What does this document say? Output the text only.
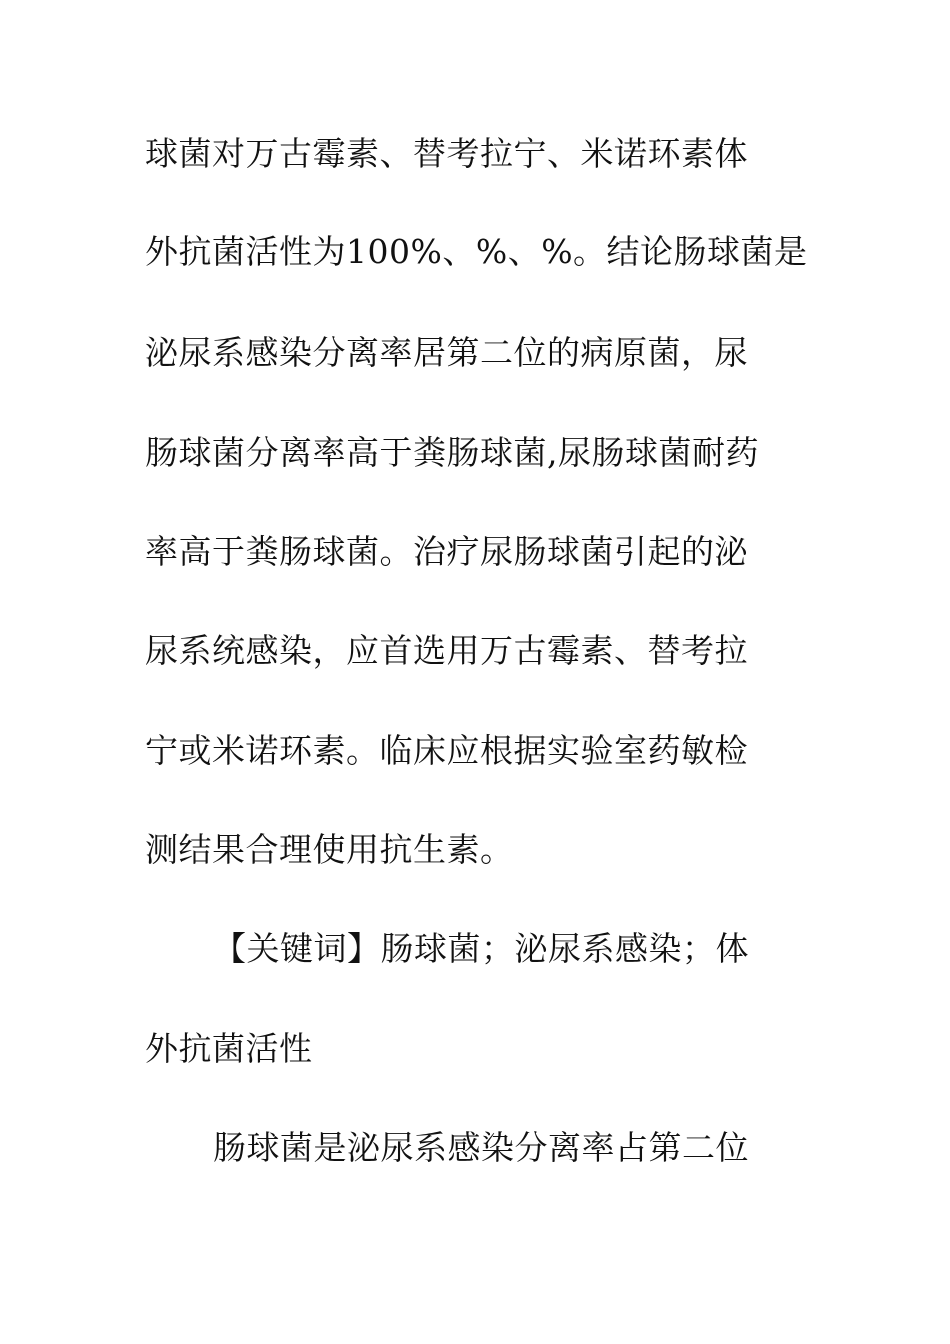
球菌对万古霉素、替考拉宁、米诺环素体
外抗菌活性为100%、%、%。结论肠球菌是
泌尿系感染分离率居第二位的病原菌，尿
肠球菌分离率高于粪肠球菌,尿肠球菌耐药
率高于粪肠球菌。治疗尿肠球菌引起的泌
尿系统感染，应首选用万古霉素、替考拉
宁或米诺环素。临床应根据实验室药敏检
测结果合理使用抗生素。
【关键词】肠球菌；泌尿系感染；体
外抗菌活性
肠球菌是泌尿系感染分离率占第二位
